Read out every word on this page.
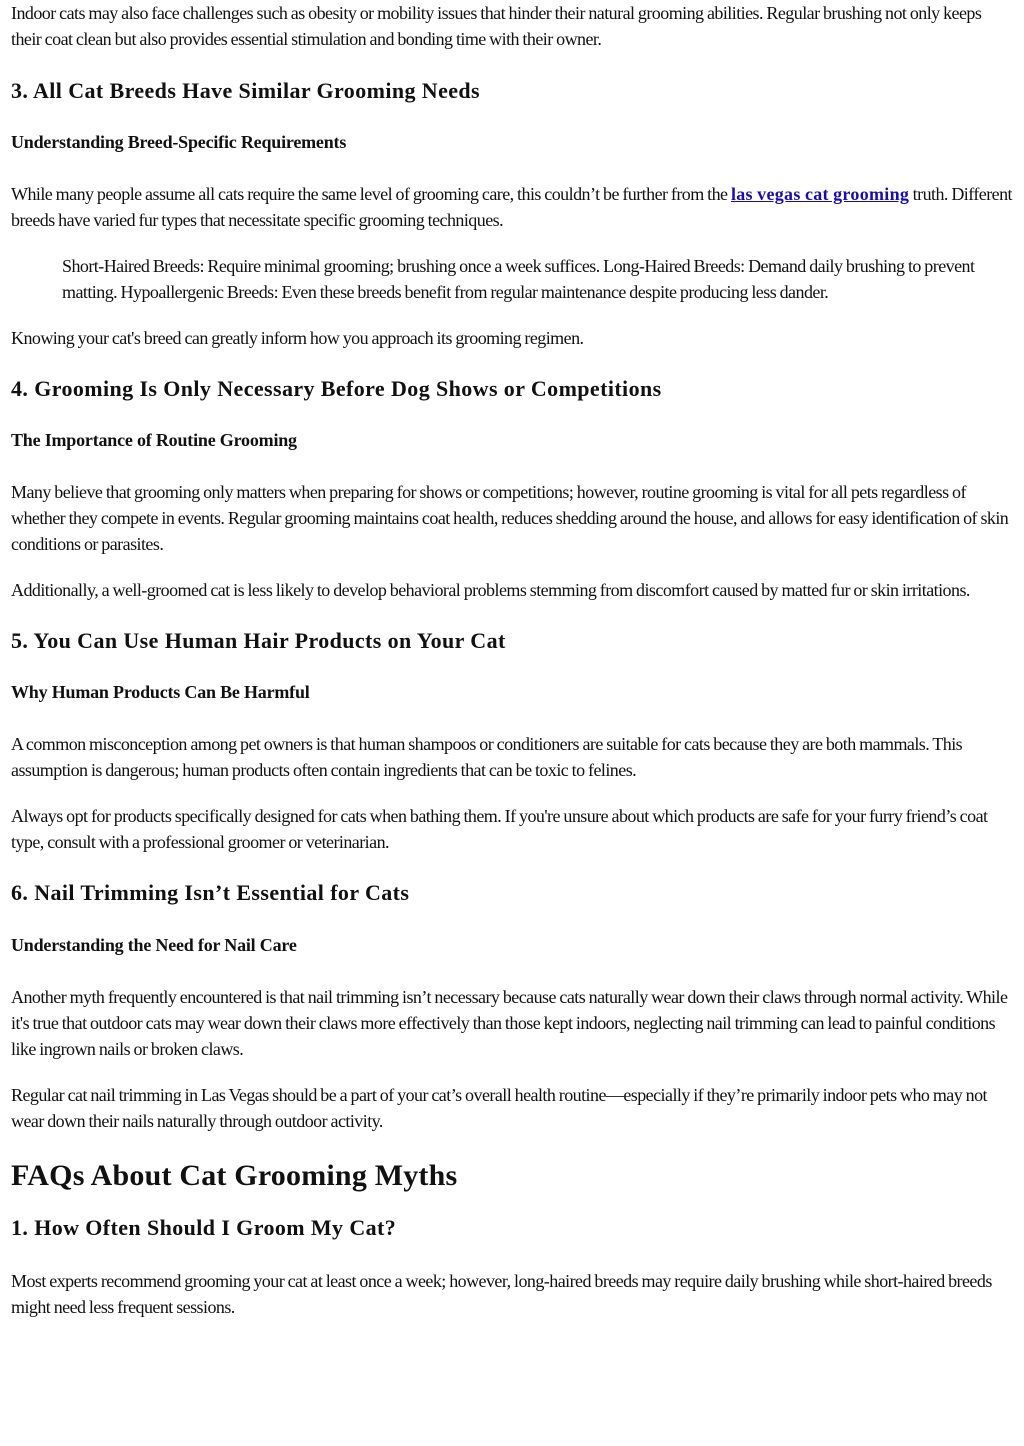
Indoor cats may also face challenges such as obesity or mobility issues that hinder their natural grooming abilities. Regular brushing not only keeps their coat clean but also provides essential stimulation and bonding time with their owner.

3. All Cat Breeds Have Similar Grooming Needs
Understanding Breed-Specific Requirements

While many people assume all cats require the same level of grooming care, this couldn’t be further from the las vegas cat grooming truth. Different breeds have varied fur types that necessitate specific grooming techniques.

Short-Haired Breeds: Require minimal grooming; brushing once a week suffices. Long-Haired Breeds: Demand daily brushing to prevent matting. Hypoallergenic Breeds: Even these breeds benefit from regular maintenance despite producing less dander.

Knowing your cat's breed can greatly inform how you approach its grooming regimen.

4. Grooming Is Only Necessary Before Dog Shows or Competitions
The Importance of Routine Grooming

Many believe that grooming only matters when preparing for shows or competitions; however, routine grooming is vital for all pets regardless of whether they compete in events. Regular grooming maintains coat health, reduces shedding around the house, and allows for easy identification of skin conditions or parasites.

Additionally, a well-groomed cat is less likely to develop behavioral problems stemming from discomfort caused by matted fur or skin irritations.

5. You Can Use Human Hair Products on Your Cat
Why Human Products Can Be Harmful

A common misconception among pet owners is that human shampoos or conditioners are suitable for cats because they are both mammals. This assumption is dangerous; human products often contain ingredients that can be toxic to felines.

Always opt for products specifically designed for cats when bathing them. If you're unsure about which products are safe for your furry friend’s coat type, consult with a professional groomer or veterinarian.

6. Nail Trimming Isn’t Essential for Cats
Understanding the Need for Nail Care

Another myth frequently encountered is that nail trimming isn’t necessary because cats naturally wear down their claws through normal activity. While it's true that outdoor cats may wear down their claws more effectively than those kept indoors, neglecting nail trimming can lead to painful conditions like ingrown nails or broken claws.

Regular cat nail trimming in Las Vegas should be a part of your cat’s overall health routine—especially if they’re primarily indoor pets who may not wear down their nails naturally through outdoor activity.

FAQs About Cat Grooming Myths
1. How Often Should I Groom My Cat?

Most experts recommend grooming your cat at least once a week; however, long-haired breeds may require daily brushing while short-haired breeds might need less frequent sessions.
